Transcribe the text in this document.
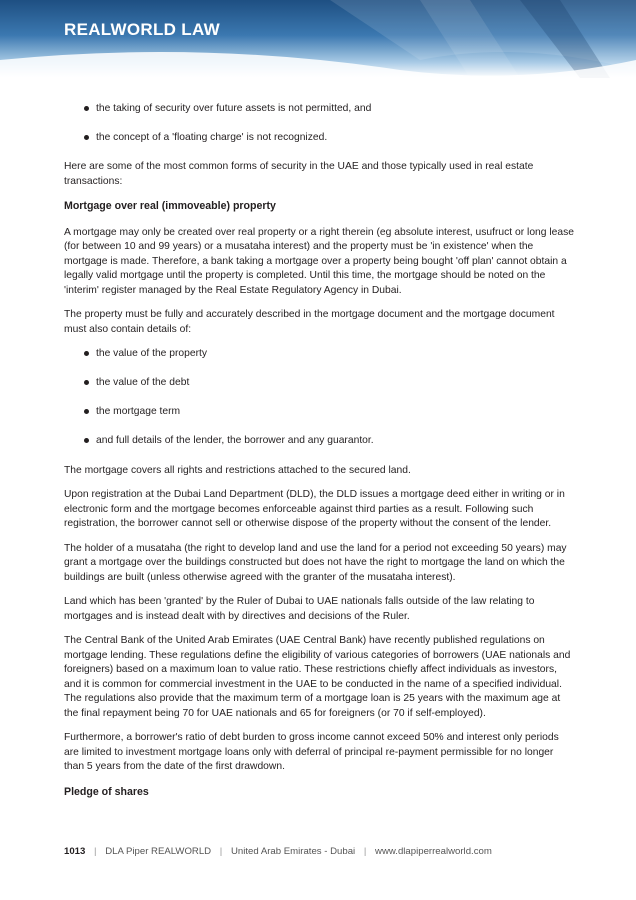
REALWORLD LAW
the taking of security over future assets is not permitted, and
the concept of a 'floating charge' is not recognized.

Here are some of the most common forms of security in the UAE and those typically used in real estate transactions:

Mortgage over real (immoveable) property

A mortgage may only be created over real property or a right therein (eg absolute interest, usufruct or long lease (for between 10 and 99 years) or a musataha interest) and the property must be 'in existence' when the mortgage is made. Therefore, a bank taking a mortgage over a property being bought 'off plan' cannot obtain a legally valid mortgage until the property is completed. Until this time, the mortgage should be noted on the 'interim' register managed by the Real Estate Regulatory Agency in Dubai.

The property must be fully and accurately described in the mortgage document and the mortgage document must also contain details of:

the value of the property
the value of the debt
the mortgage term
and full details of the lender, the borrower and any guarantor.

The mortgage covers all rights and restrictions attached to the secured land.

Upon registration at the Dubai Land Department (DLD), the DLD issues a mortgage deed either in writing or in electronic form and the mortgage becomes enforceable against third parties as a result. Following such registration, the borrower cannot sell or otherwise dispose of the property without the consent of the lender.

The holder of a musataha (the right to develop land and use the land for a period not exceeding 50 years) may grant a mortgage over the buildings constructed but does not have the right to mortgage the land on which the buildings are built (unless otherwise agreed with the granter of the musataha interest).

Land which has been 'granted' by the Ruler of Dubai to UAE nationals falls outside of the law relating to mortgages and is instead dealt with by directives and decisions of the Ruler.

The Central Bank of the United Arab Emirates (UAE Central Bank) have recently published regulations on mortgage lending. These regulations define the eligibility of various categories of borrowers (UAE nationals and foreigners) based on a maximum loan to value ratio. These restrictions chiefly affect individuals as investors, and it is common for commercial investment in the UAE to be conducted in the name of a specified individual.
The regulations also provide that the maximum term of a mortgage loan is 25 years with the maximum age at the final repayment being 70 for UAE nationals and 65 for foreigners (or 70 if self-employed).

Furthermore, a borrower's ratio of debt burden to gross income cannot exceed 50% and interest only periods are limited to investment mortgage loans only with deferral of principal re-payment permissible for no longer than 5 years from the date of the first drawdown.

Pledge of shares
1013 | DLA Piper REALWORLD | United Arab Emirates - Dubai | www.dlapiperrealworld.com
